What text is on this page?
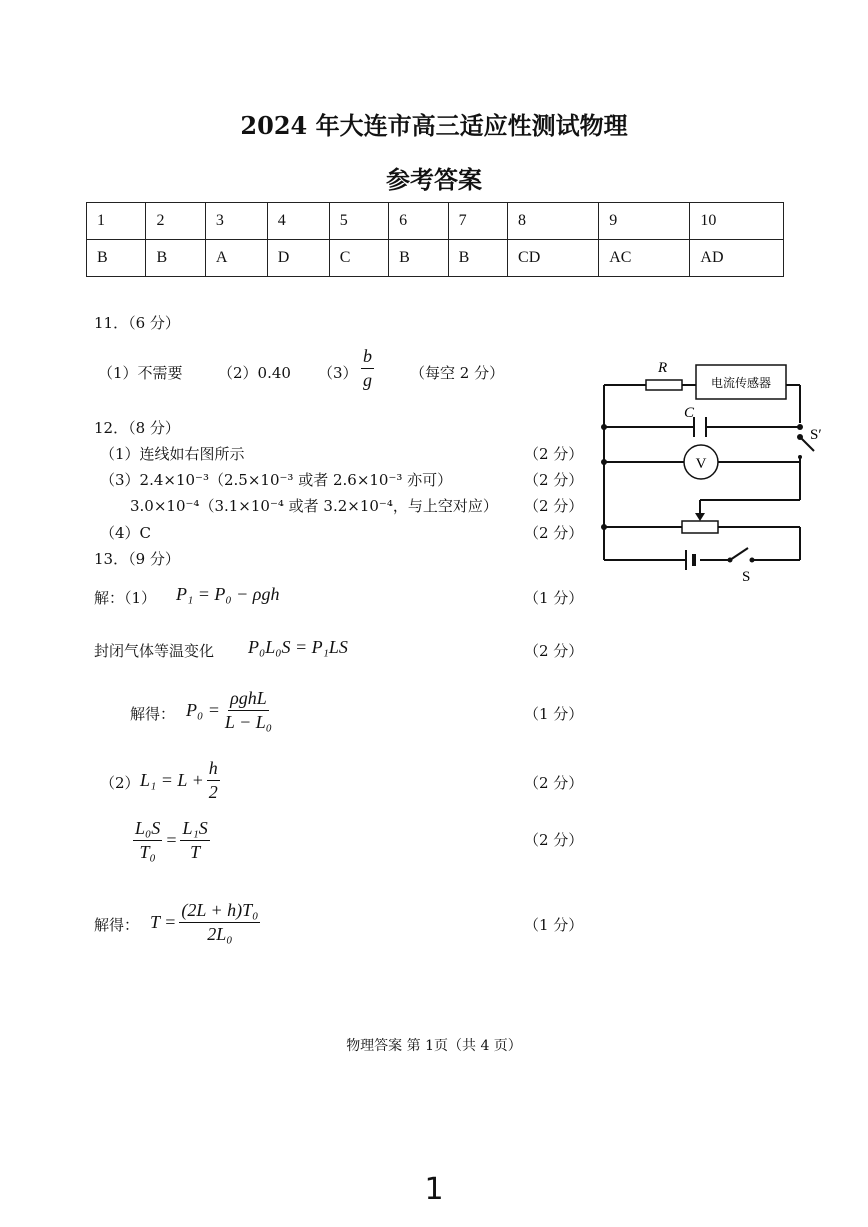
2024 年大连市高三适应性测试物理
参考答案
1	2	3	4	5	6	7	8	9	10
B	B	A	D	C	B	B	CD	AC	AD
11．（6 分）
（1）不需要 （2）0.40 $(3) \frac{b}{g}$ （每空 2 分）
12．（8 分）
（1）连线如右图所示	（2 分）
（3）2.4×10⁻³（2.5×10⁻³ 或者 2.6×10⁻³ 亦可）	（2 分）
3.0×10⁻⁴（3.1×10⁻⁴ 或者 3.2×10⁻⁴，与上空对应） （2 分）
（4）C	（2 分）
13．（9 分）
解：（1） P₁ = P₀ − ρgh	（1 分）
封闭气体等温变化 P₀L₀S = P₁LS	（2 分）
解得： $P_0 = \frac{\text{ρghL}}{\text{L − L₀}}$	（1 分）
（2） $L_1 = L + \frac{h}{2}$	（2 分）
$\frac{\text{L₀S}}{\text{T₀}} = \frac{\text{L₁S}}{T}$	（2 分）
解得： $T = \frac{\text{(2L + h)T₀}}{\text{2L₀}}$	（1 分）
R
电流传感器
C
S′
V
S
物理答案 第 1页（共 4 页）
1
